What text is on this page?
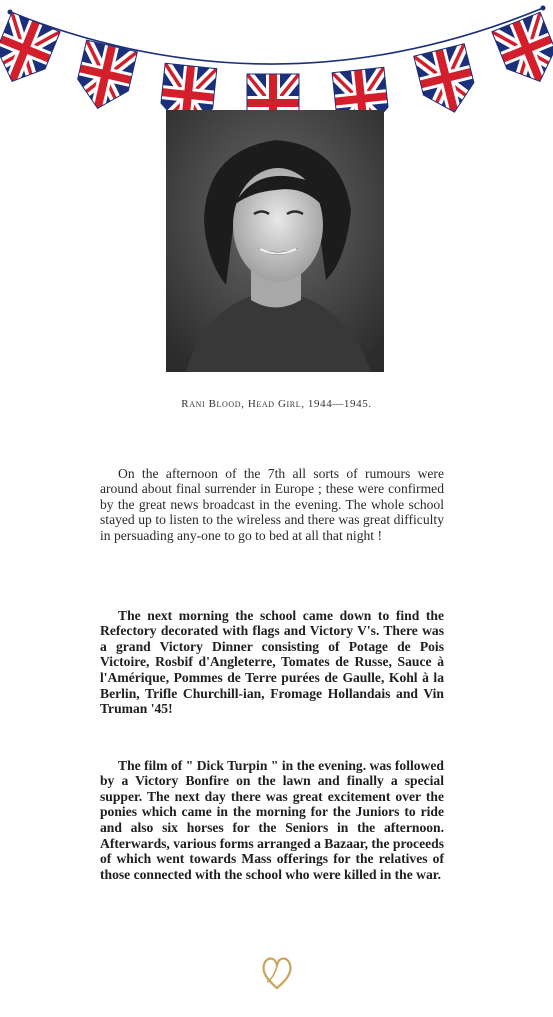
Rani Blood, Head Girl, 1944—1945.

On the afternoon of the 7th all sorts of rumours were around about final surrender in Europe ; these were confirmed by the great news broadcast in the evening. The whole school stayed up to listen to the wireless and there was great difficulty in persuading any-one to go to bed at all that night !

The next morning the school came down to find the Refectory decorated with flags and Victory V's. There was a grand Victory Dinner consisting of Potage de Pois Victoire, Rosbif d'Angleterre, Tomates de Russe, Sauce à l'Amérique, Pommes de Terre purées de Gaulle, Kohl à la Berlin, Trifle Churchill-ian, Fromage Hollandais and Vin Truman '45!

The film of " Dick Turpin " in the evening. was followed by a Victory Bonfire on the lawn and finally a special supper. The next day there was great excitement over the ponies which came in the morning for the Juniors to ride and also six horses for the Seniors in the afternoon. Afterwards, various forms arranged a Bazaar, the proceeds of which went towards Mass offerings for the relatives of those connected with the school who were killed in the war.
